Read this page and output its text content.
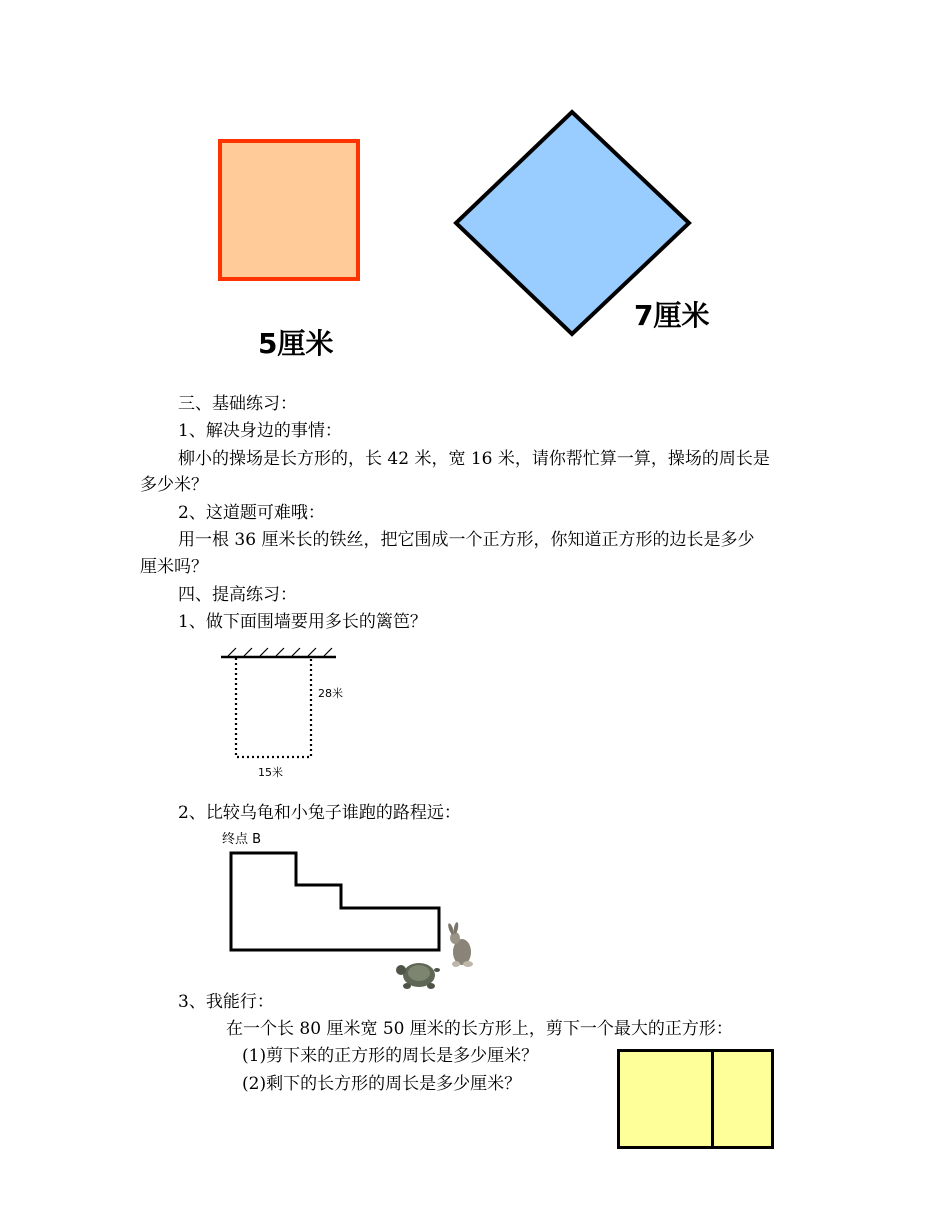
5厘米
7厘米
三、基础练习：
1、解决身边的事情：
柳小的操场是长方形的，长 42 米，宽 16 米，请你帮忙算一算，操场的周长是
多少米？
2、这道题可难哦：
用一根 36 厘米长的铁丝，把它围成一个正方形，你知道正方形的边长是多少
厘米吗？
四、提高练习：
1、做下面围墙要用多长的篱笆？
28米
15米
2、比较乌龟和小兔子谁跑的路程远：
终点 B
3、我能行：
在一个长 80 厘米宽 50 厘米的长方形上，剪下一个最大的正方形：
(1)剪下来的正方形的周长是多少厘米？
(2)剩下的长方形的周长是多少厘米？
